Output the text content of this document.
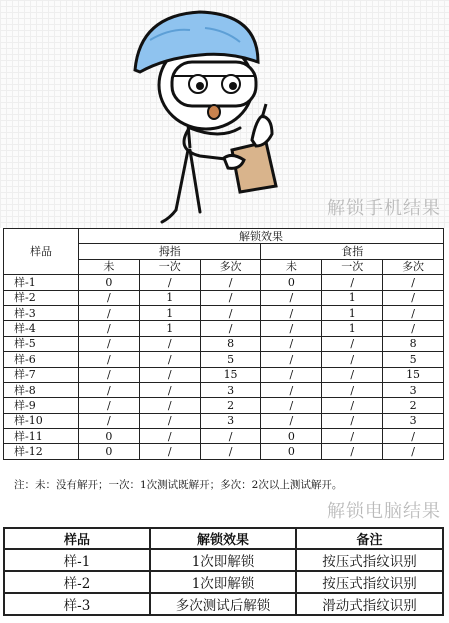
解锁手机结果
样品	解锁效果					
	拇指			食指		
	未	一次	多次	未	一次	多次
样-1	0	/	/	0	/	/
样-2	/	1	/	/	1	/
样-3	/	1	/	/	1	/
样-4	/	1	/	/	1	/
样-5	/	/	8	/	/	8
样-6	/	/	5	/	/	5
样-7	/	/	15	/	/	15
样-8	/	/	3	/	/	3
样-9	/	/	2	/	/	2
样-10	/	/	3	/	/	3
样-11	0	/	/	0	/	/
样-12	0	/	/	0	/	/
注：未：没有解开；一次：1次测试既解开；多次：2次以上测试解开。
解锁电脑结果
样品	解锁效果	备注
样-1	1次即解锁	按压式指纹识别
样-2	1次即解锁	按压式指纹识别
样-3	多次测试后解锁	滑动式指纹识别
